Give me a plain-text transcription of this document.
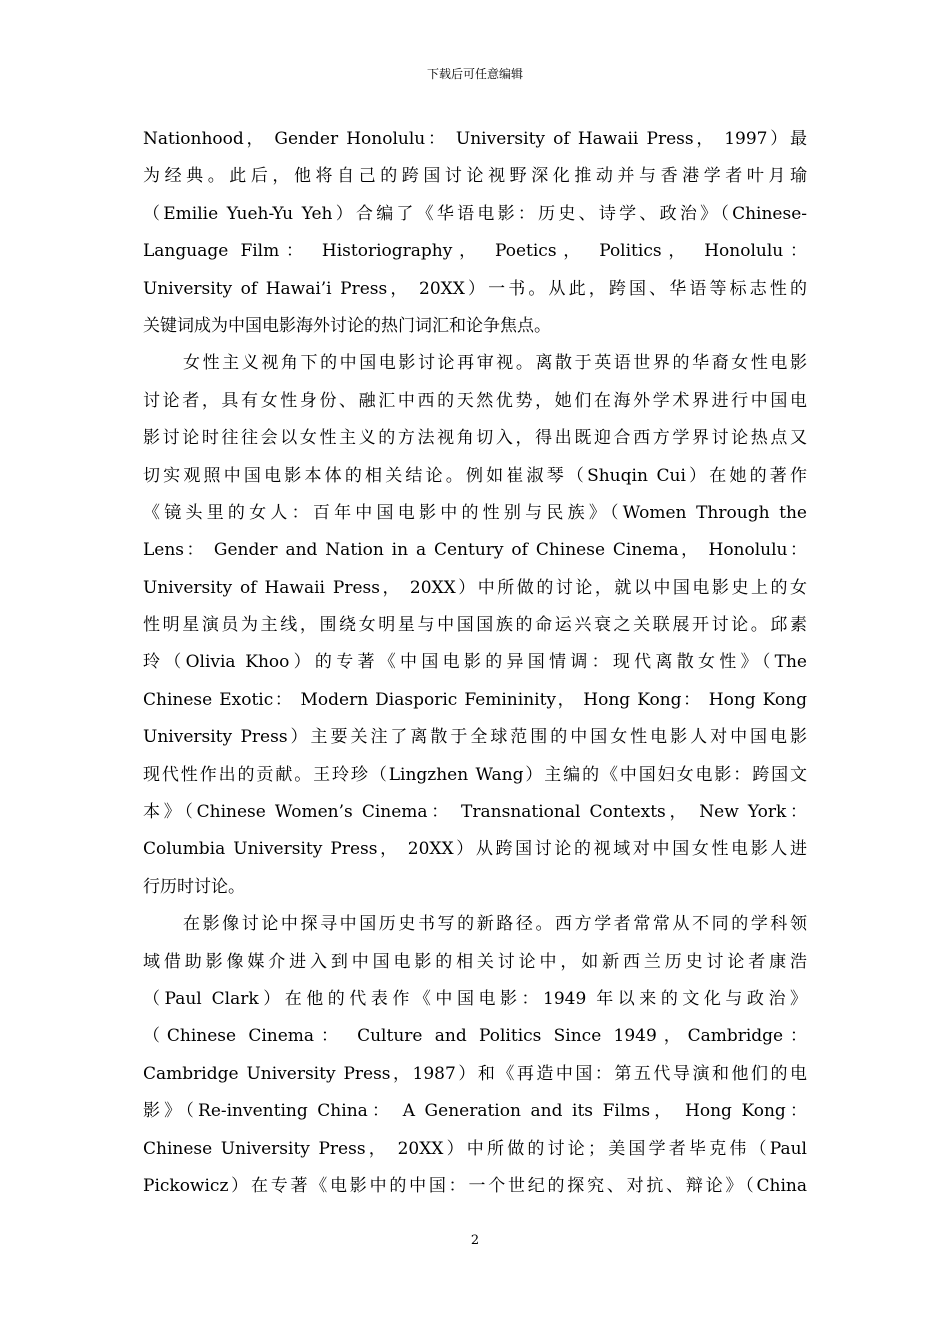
下载后可任意编辑
Nationhood， Gender Honolulu： University of Hawaii Press， 1997）最
为经典。此后，他将自己的跨国讨论视野深化推动并与香港学者叶月瑜
（Emilie Yueh-Yu Yeh）合编了《华语电影：历史、诗学、政治》（Chinese-
Language Film： Historiography， Poetics， Politics， Honolulu：
University of Hawai’i Press， 20XX）一书。从此，跨国、华语等标志性的
关键词成为中国电影海外讨论的热门词汇和论争焦点。
女性主义视角下的中国电影讨论再审视。离散于英语世界的华裔女性电影
讨论者，具有女性身份、融汇中西的天然优势，她们在海外学术界进行中国电
影讨论时往往会以女性主义的方法视角切入，得出既迎合西方学界讨论热点又
切实观照中国电影本体的相关结论。例如崔淑琴（Shuqin Cui）在她的著作
《镜头里的女人：百年中国电影中的性别与民族》（Women Through the
Lens： Gender and Nation in a Century of Chinese Cinema， Honolulu：
University of Hawaii Press， 20XX）中所做的讨论，就以中国电影史上的女
性明星演员为主线，围绕女明星与中国国族的命运兴衰之关联展开讨论。邱素
玲（Olivia Khoo）的专著《中国电影的异国情调：现代离散女性》（The
Chinese Exotic： Modern Diasporic Femininity， Hong Kong： Hong Kong
University Press）主要关注了离散于全球范围的中国女性电影人对中国电影
现代性作出的贡献。王玲珍（Lingzhen Wang）主编的《中国妇女电影：跨国文
本》（Chinese Women’s Cinema： Transnational Contexts， New York：
Columbia University Press， 20XX）从跨国讨论的视域对中国女性电影人进
行历时讨论。
在影像讨论中探寻中国历史书写的新路径。西方学者常常从不同的学科领
域借助影像媒介进入到中国电影的相关讨论中，如新西兰历史讨论者康浩
（Paul Clark）在他的代表作《中国电影：1949 年以来的文化与政治》
（Chinese Cinema： Culture and Politics Since 1949，Cambridge：
Cambridge University Press，1987）和《再造中国：第五代导演和他们的电
影》（Re-inventing China： A Generation and its Films， Hong Kong：
Chinese University Press， 20XX）中所做的讨论；美国学者毕克伟（Paul
Pickowicz）在专著《电影中的中国：一个世纪的探究、对抗、辩论》（China
2
